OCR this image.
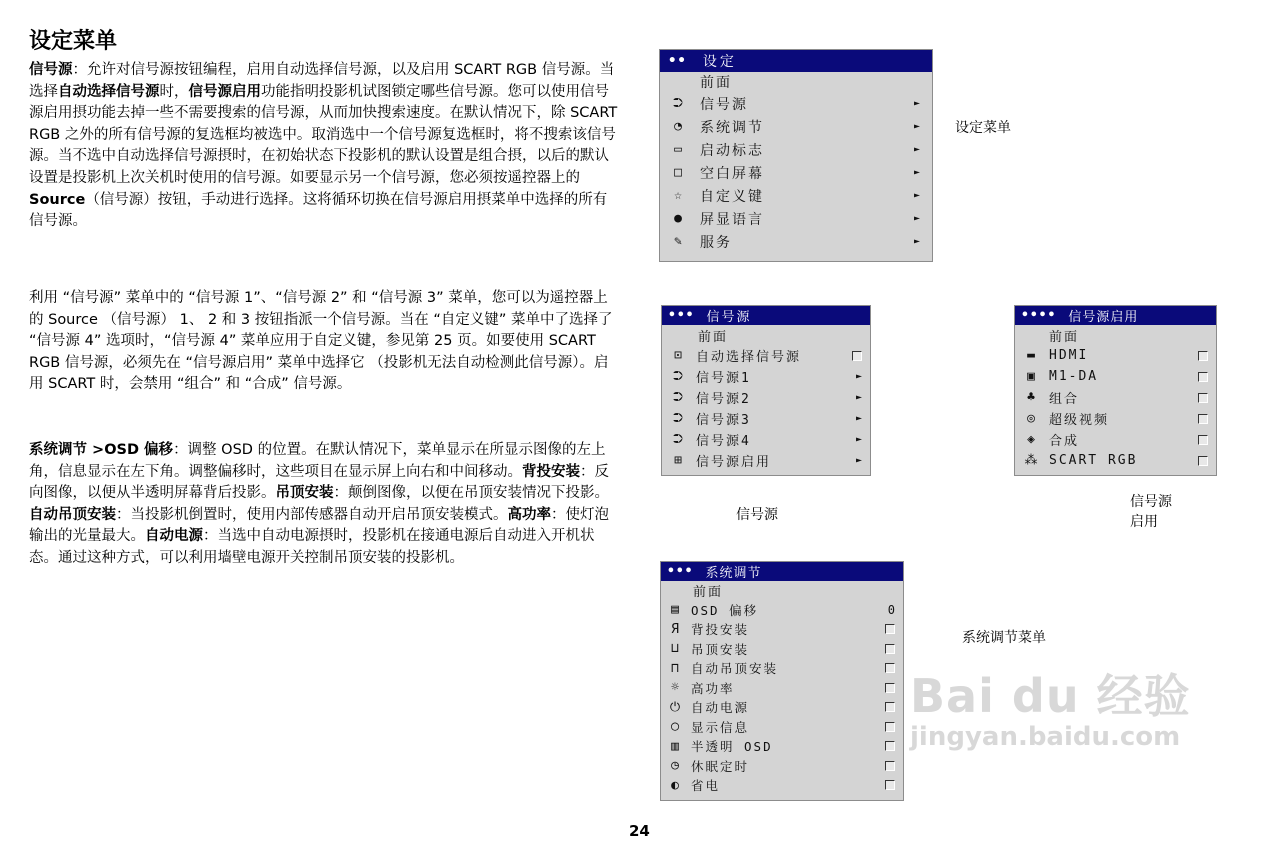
设定菜单
信号源：允许对信号源按钮编程，启用自动选择信号源，以及启用 SCART RGB 信号源。当选择自动选择信号源时，信号源启用功能指明投影机试图锁定哪些信号源。您可以使用信号源启用摂功能去掉一些不需要搜索的信号源，从而加快搜索速度。在默认情况下，除 SCART RGB 之外的所有信号源的复选框均被选中。取消选中一个信号源复选框时，将不搜索该信号源。当不选中自动选择信号源摂时，在初始状态下投影机的默认设置是组合摂，以后的默认设置是投影机上次关机时使用的信号源。如要显示另一个信号源，您必须按遥控器上的Source（信号源）按钮，手动进行选择。这将循环切换在信号源启用摂菜单中选择的所有信号源。
利用 “信号源” 菜单中的 “信号源 1”、“信号源 2” 和 “信号源 3” 菜单，您可以为遥控器上的 Source （信号源） 1、 2 和 3 按钮指派一个信号源。当在 “自定义键” 菜单中了选择了 “信号源 4” 选项时，“信号源 4” 菜单应用于自定义键，参见第 25 页。如要使用 SCART RGB 信号源，必须先在 “信号源启用” 菜单中选择它 （投影机无法自动检测此信号源）。启用 SCART 时，会禁用 “组合” 和 “合成” 信号源。
系统调节 >OSD 偏移：调整 OSD 的位置。在默认情况下，菜单显示在所显示图像的左上角，信息显示在左下角。调整偏移时，这些项目在显示屏上向右和中间移动。背投安装：反向图像，以便从半透明屏幕背后投影。吊顶安装：颠倒图像，以便在吊顶安装情况下投影。自动吊顶安装：当投影机倒置时，使用内部传感器自动开启吊顶安装模式。高功率：使灯泡输出的光量最大。自动电源：当选中自动电源摂时，投影机在接通电源后自动进入开机状态。通过这种方式，可以利用墙壁电源开关控制吊顶安装的投影机。
•• 设定
前面
⮊	信号源	►
◔	系统调节	►
▭	启动标志	►
□	空白屏幕	►
☆	自定义键	►
●	屏显语言	►
✎	服务	►
••• 信号源
前面
⊡	自动选择信号源
⮊	信号源1	►
⮊	信号源2	►
⮊	信号源3	►
⮊	信号源4	►
⊞	信号源启用	►
•••• 信号源启用
前面
▬	HDMI
▣	M1-DA
♣	组合
◎	超级视频
◈	合成
⁂ SCART RGB
••• 系统调节
前面
▤ OSD 偏移	0
Я 背投安装
⊔ 吊顶安装
⊓ 自动吊顶安装
☼ 高功率
⏻ 自动电源
◯ 显示信息
▥ 半透明 OSD
◷ 休眠定时
◐ 省电
设定菜单
信号源
信号源
启用
系统调节菜单
Bai du 经验
jingyan.baidu.com
24
